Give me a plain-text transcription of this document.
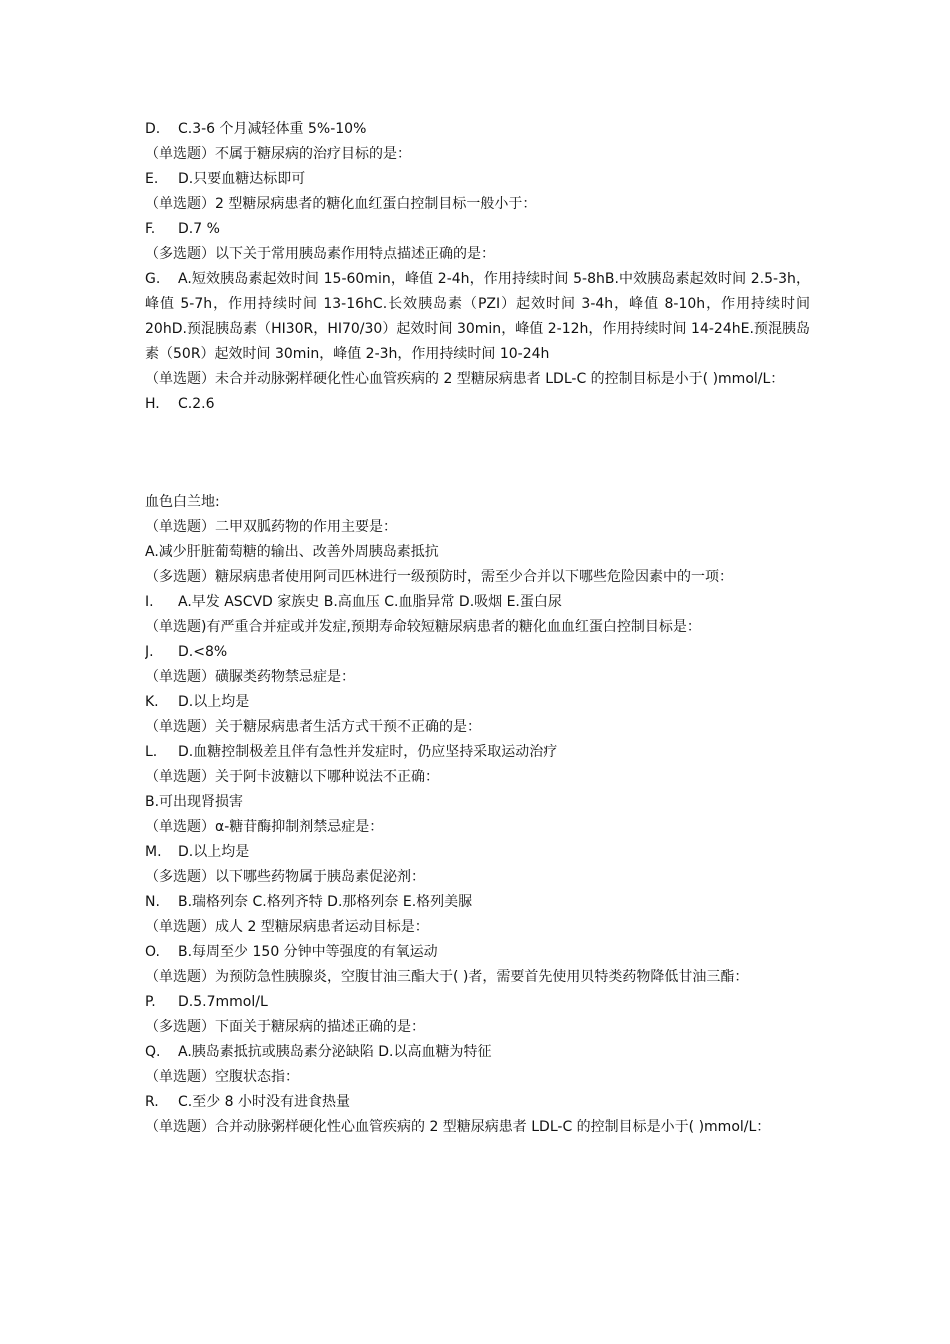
D. C.3-6 个月减轻体重 5%-10%
（单选题）不属于糖尿病的治疗目标的是：
E. D.只要血糖达标即可
（单选题）2 型糖尿病患者的糖化血红蛋白控制目标一般小于：
F. D.7 %
（多选题）以下关于常用胰岛素作用特点描述正确的是：
G. A.短效胰岛素起效时间 15-60min，峰值 2-4h，作用持续时间 5-8hB.中效胰岛素起效时间 2.5-3h，峰值 5-7h，作用持续时间 13-16hC.长效胰岛素（PZI）起效时间 3-4h，峰值 8-10h，作用持续时间 20hD.预混胰岛素（HI30R，HI70/30）起效时间 30min，峰值 2-12h，作用持续时间 14-24hE.预混胰岛素（50R）起效时间 30min，峰值 2-3h，作用持续时间 10-24h
（单选题）未合并动脉粥样硬化性心血管疾病的 2 型糖尿病患者 LDL-C 的控制目标是小于( )mmol/L：
H. C.2.6
血色白兰地:
（单选题）二甲双胍药物的作用主要是：
A.减少肝脏葡萄糖的输出、改善外周胰岛素抵抗
（多选题）糖尿病患者使用阿司匹林进行一级预防时，需至少合并以下哪些危险因素中的一项：
I. A.早发 ASCVD 家族史 B.高血压 C.血脂异常 D.吸烟 E.蛋白尿
（单选题)有严重合并症或并发症,预期寿命较短糖尿病患者的糖化血血红蛋白控制目标是：
J. D.<8%
（单选题）磺脲类药物禁忌症是：
K. D.以上均是
（单选题）关于糖尿病患者生活方式干预不正确的是：
L. D.血糖控制极差且伴有急性并发症时，仍应坚持采取运动治疗
（单选题）关于阿卡波糖以下哪种说法不正确：
B.可出现肾损害
（单选题）α-糖苷酶抑制剂禁忌症是：
M. D.以上均是
（多选题）以下哪些药物属于胰岛素促泌剂：
N. B.瑞格列奈 C.格列齐特 D.那格列奈 E.格列美脲
（单选题）成人 2 型糖尿病患者运动目标是：
O. B.每周至少 150 分钟中等强度的有氧运动
（单选题）为预防急性胰腺炎，空腹甘油三酯大于( )者，需要首先使用贝特类药物降低甘油三酯：
P. D.5.7mmol/L
（多选题）下面关于糖尿病的描述正确的是：
Q. A.胰岛素抵抗或胰岛素分泌缺陷 D.以高血糖为特征
（单选题）空腹状态指：
R. C.至少 8 小时没有进食热量
（单选题）合并动脉粥样硬化性心血管疾病的 2 型糖尿病患者 LDL-C 的控制目标是小于( )mmol/L：
